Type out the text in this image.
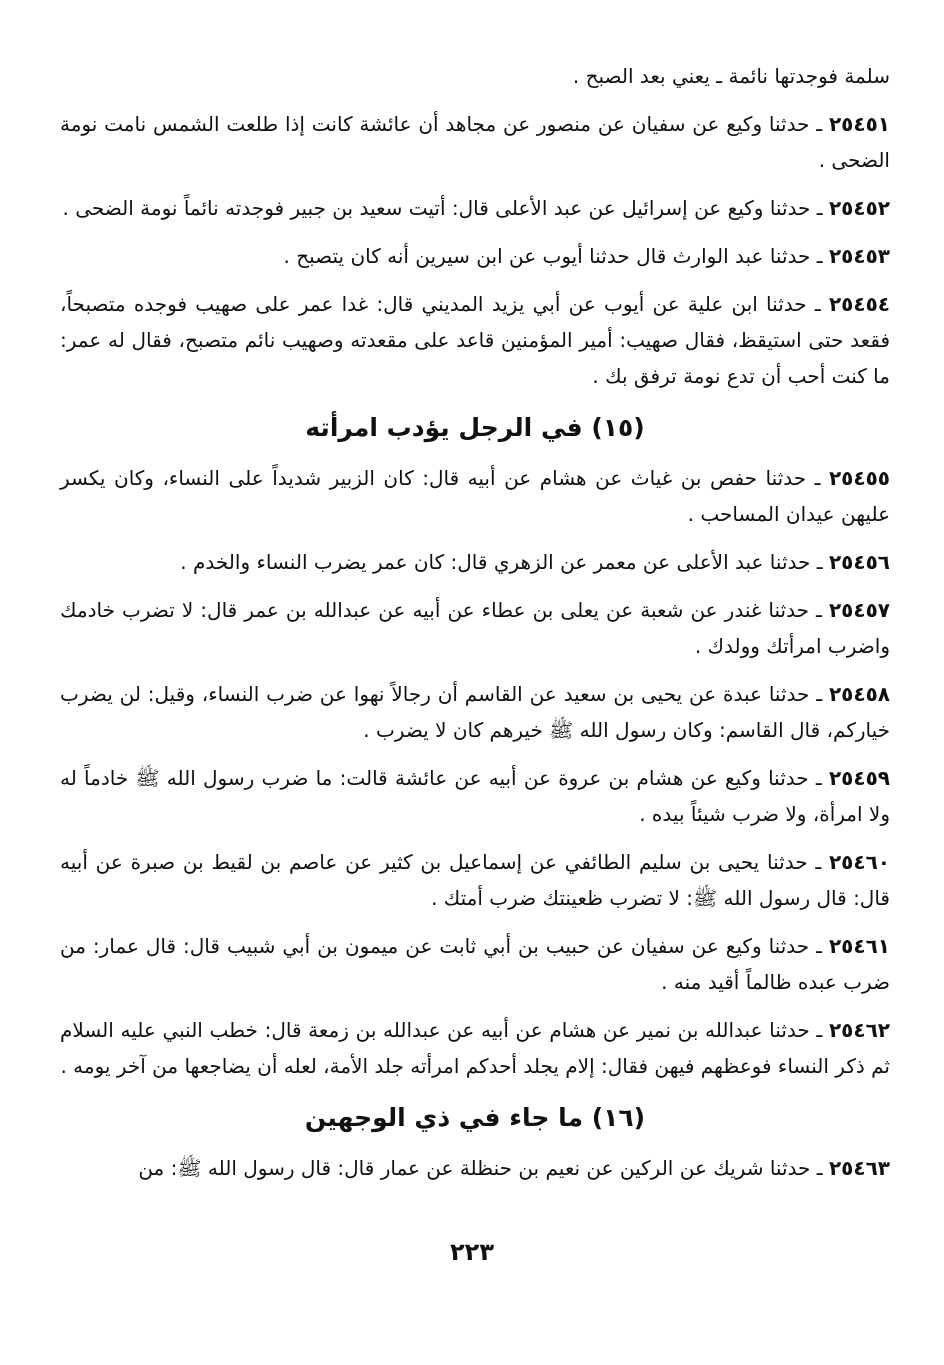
سلمة فوجدتها نائمة ـ يعني بعد الصبح .

٢٥٤٥١ ـ حدثنا وكيع عن سفيان عن منصور عن مجاهد أن عائشة كانت إذا طلعت الشمس نامت نومة الضحى .

٢٥٤٥٢ ـ حدثنا وكيع عن إسرائيل عن عبد الأعلى قال: أتيت سعيد بن جبير فوجدته نائماً نومة الضحى .

٢٥٤٥٣ ـ حدثنا عبد الوارث قال حدثنا أيوب عن ابن سيرين أنه كان يتصبح .

٢٥٤٥٤ ـ حدثنا ابن علية عن أيوب عن أبي يزيد المديني قال: غدا عمر على صهيب فوجده متصبحاً، فقعد حتى استيقظ، فقال صهيب: أمير المؤمنين قاعد على مقعدته وصهيب نائم متصبح، فقال له عمر: ما كنت أحب أن تدع نومة ترفق بك .

(١٥) في الرجل يؤدب امرأته

٢٥٤٥٥ ـ حدثنا حفص بن غياث عن هشام عن أبيه قال: كان الزبير شديداً على النساء، وكان يكسر عليهن عيدان المساحب .

٢٥٤٥٦ ـ حدثنا عبد الأعلى عن معمر عن الزهري قال: كان عمر يضرب النساء والخدم .

٢٥٤٥٧ ـ حدثنا غندر عن شعبة عن يعلى بن عطاء عن أبيه عن عبدالله بن عمر قال: لا تضرب خادمك واضرب امرأتك وولدك .

٢٥٤٥٨ ـ حدثنا عبدة عن يحيى بن سعيد عن القاسم أن رجالاً نهوا عن ضرب النساء، وقيل: لن يضرب خياركم، قال القاسم: وكان رسول الله ﷺ خيرهم كان لا يضرب .

٢٥٤٥٩ ـ حدثنا وكيع عن هشام بن عروة عن أبيه عن عائشة قالت: ما ضرب رسول الله ﷺ خادماً له ولا امرأة، ولا ضرب شيئاً بيده .

٢٥٤٦٠ ـ حدثنا يحيى بن سليم الطائفي عن إسماعيل بن كثير عن عاصم بن لقيط بن صبرة عن أبيه قال: قال رسول الله ﷺ: لا تضرب ظعينتك ضرب أمتك .

٢٥٤٦١ ـ حدثنا وكيع عن سفيان عن حبيب بن أبي ثابت عن ميمون بن أبي شبيب قال: قال عمار: من ضرب عبده ظالماً أقيد منه .

٢٥٤٦٢ ـ حدثنا عبدالله بن نمير عن هشام عن أبيه عن عبدالله بن زمعة قال: خطب النبي عليه السلام ثم ذكر النساء فوعظهم فيهن فقال: إلام يجلد أحدكم امرأته جلد الأمة، لعله أن يضاجعها من آخر يومه .

(١٦) ما جاء في ذي الوجهين

٢٥٤٦٣ ـ حدثنا شريك عن الركين عن نعيم بن حنظلة عن عمار قال: قال رسول الله ﷺ: من

٢٢٣
